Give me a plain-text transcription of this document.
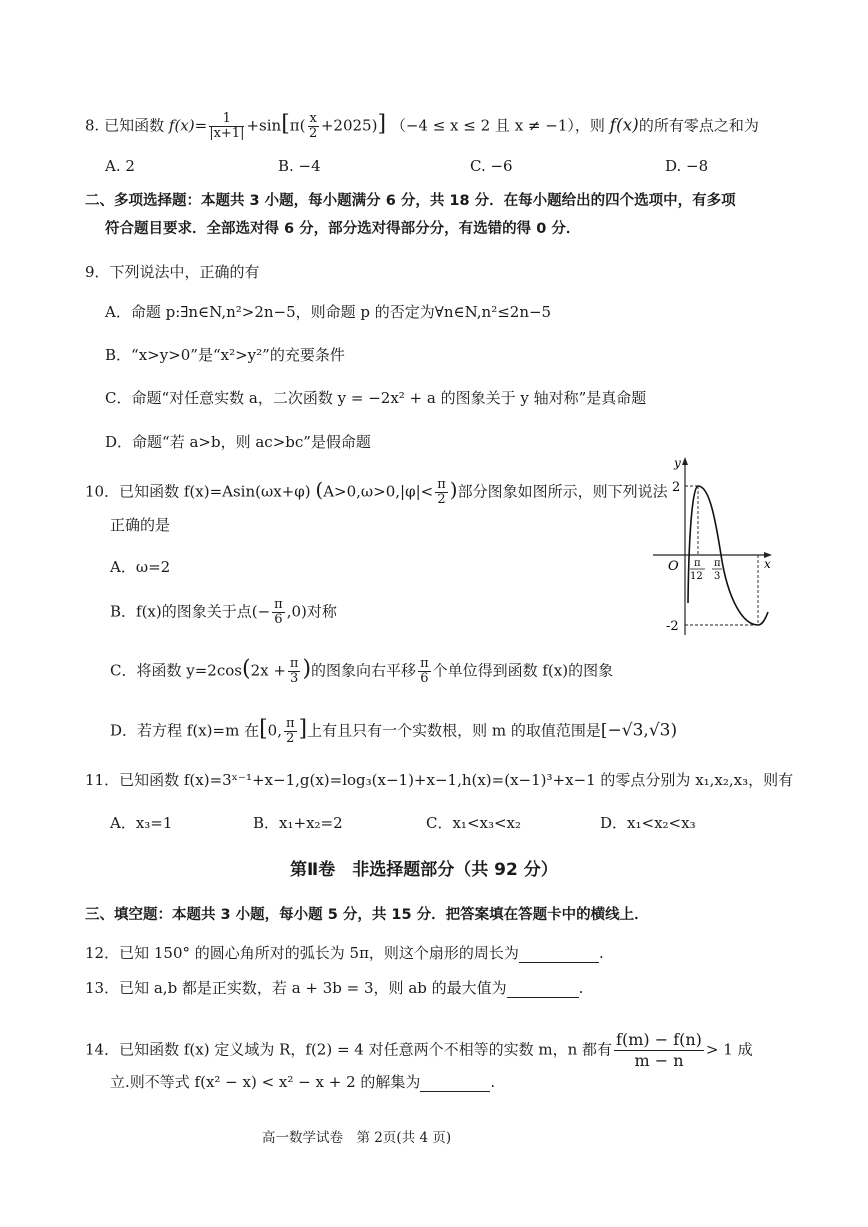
8. 已知函数 $f(x)= \frac{1}{|x+1|} +\sin[\pi( \frac{x}{2} +2025)] (-4 \le x \le 2$ 且 x ≠ −1），则 f(x)的所有零点之和为
A. 2	B. −4	C. −6	D. −8
二、多项选择题：本题共 3 小题，每小题满分 6 分，共 18 分．在每小题给出的四个选项中，有多项
符合题目要求．全部选对得 6 分，部分选对得部分分，有选错的得 0 分．
9．下列说法中，正确的有
A．命题 p:∃n∈N,n²>2n−5，则命题 p 的否定为∀n∈N,n²≤2n−5
B．“x>y>0”是“x²>y²”的充要条件
C．命题“对任意实数 a，二次函数 y = −2x² + a 的图象关于 y 轴对称”是真命题
D．命题“若 a>b，则 ac>bc”是假命题
10．已知函数 f(x)=Asin(ωx+φ) ($A>0,\omega>0,|\varphi|< \frac{\pi}{2}$ )部分图象如图所示，则下列说法
正确的是
A．ω=2
B．f(x)的图象关于点(− $\frac{\pi}{6} ,0$)对称
C．将函数 $y=2\cos(2x + \frac{\pi}{3}$ )的图象向右平移 $\frac{\pi}{6}$ 个单位得到函数 f(x)的图象
D．若方程 f(x)=m 在[0, $\frac{\pi}{2}$ ]上有且只有一个实数根，则 m 的取值范围是[−√3,√3)
y
x
O
2
-2
π
12
π
3
11．已知函数 f(x)=3ˣ⁻¹+x−1,g(x)=log₃(x−1)+x−1,h(x)=(x−1)³+x−1 的零点分别为 x₁,x₂,x₃，则有
A．x₃=1	B．x₁+x₂=2	C．x₁<x₃<x₂	D．x₁<x₂<x₃
第Ⅱ卷　非选择题部分（共 92 分）
三、填空题：本题共 3 小题，每小题 5 分，共 15 分．把答案填在答题卡中的横线上．
12．已知 150° 的圆心角所对的弧长为 5π，则这个扇形的周长为	.
13．已知 a,b 都是正实数，若 a + 3b = 3，则 ab 的最大值为	.
14．已知函数 f(x) 定义域为 R，f(2) = 4 对任意两个不相等的实数 m，n 都有 $\frac{f(m) - f(n)}{m - n} > 1$ 成
立.则不等式 f(x² − x) < x² − x + 2 的解集为	.
高一数学试卷　第 2页(共 4 页)
